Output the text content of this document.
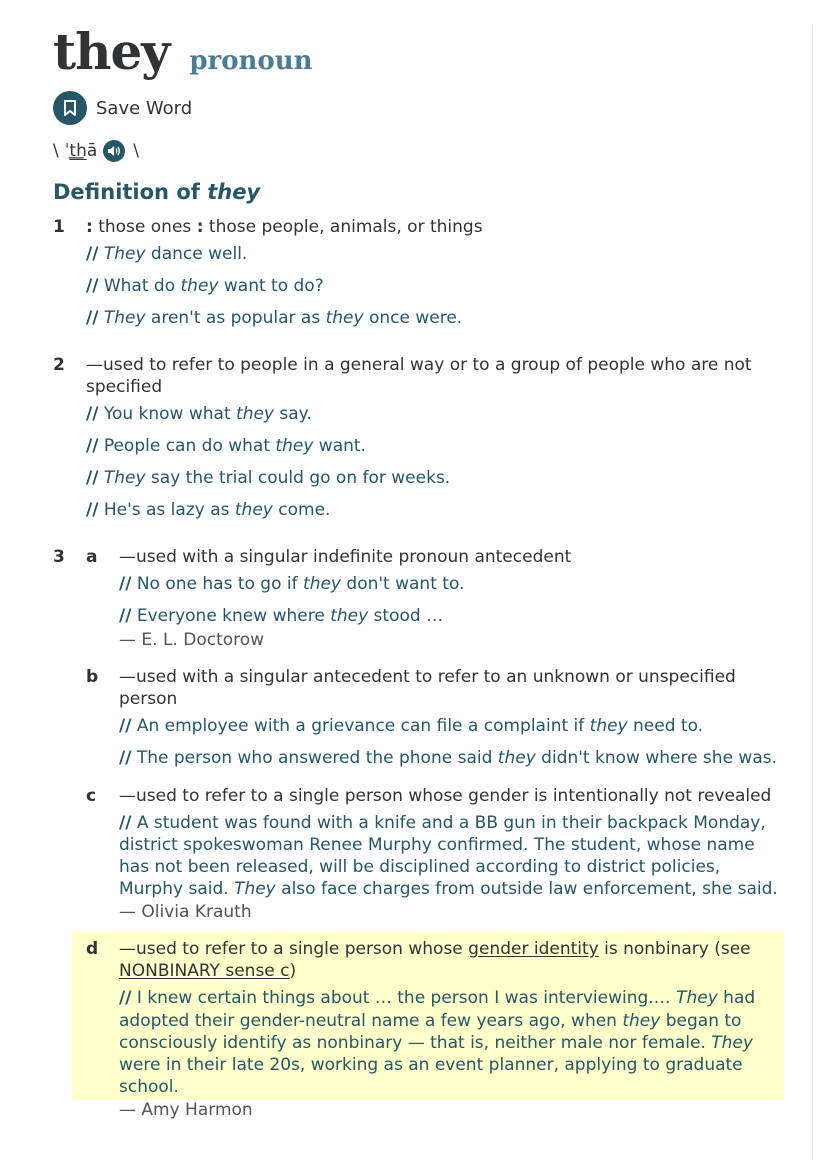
they pronoun
Save Word
\ ˈ t͟h ā \
Definition of they
1 : those ones : those people, animals, or things
// They dance well.
// What do they want to do?
// They aren't as popular as they once were.
2 —used to refer to people in a general way or to a group of people who are not
specified
// You know what they say.
// People can do what they want.
// They say the trial could go on for weeks.
// He's as lazy as they come.
3 a —used with a singular indefinite pronoun antecedent
// No one has to go if they don't want to.
// Everyone knew where they stood …
— E. L. Doctorow
b —used with a singular antecedent to refer to an unknown or unspecified
person
// An employee with a grievance can file a complaint if they need to.
// The person who answered the phone said they didn't know where she was.
c —used to refer to a single person whose gender is intentionally not revealed
// A student was found with a knife and a BB gun in their backpack Monday,
district spokeswoman Renee Murphy confirmed. The student, whose name
has not been released, will be disciplined according to district policies,
Murphy said. They also face charges from outside law enforcement, she said.
— Olivia Krauth
d —used to refer to a single person whose gender identity is nonbinary (see
NONBINARY sense c)
// I knew certain things about … the person I was interviewing.… They had
adopted their gender-neutral name a few years ago, when they began to
consciously identify as nonbinary — that is, neither male nor female. They
were in their late 20s, working as an event planner, applying to graduate
school.
— Amy Harmon
